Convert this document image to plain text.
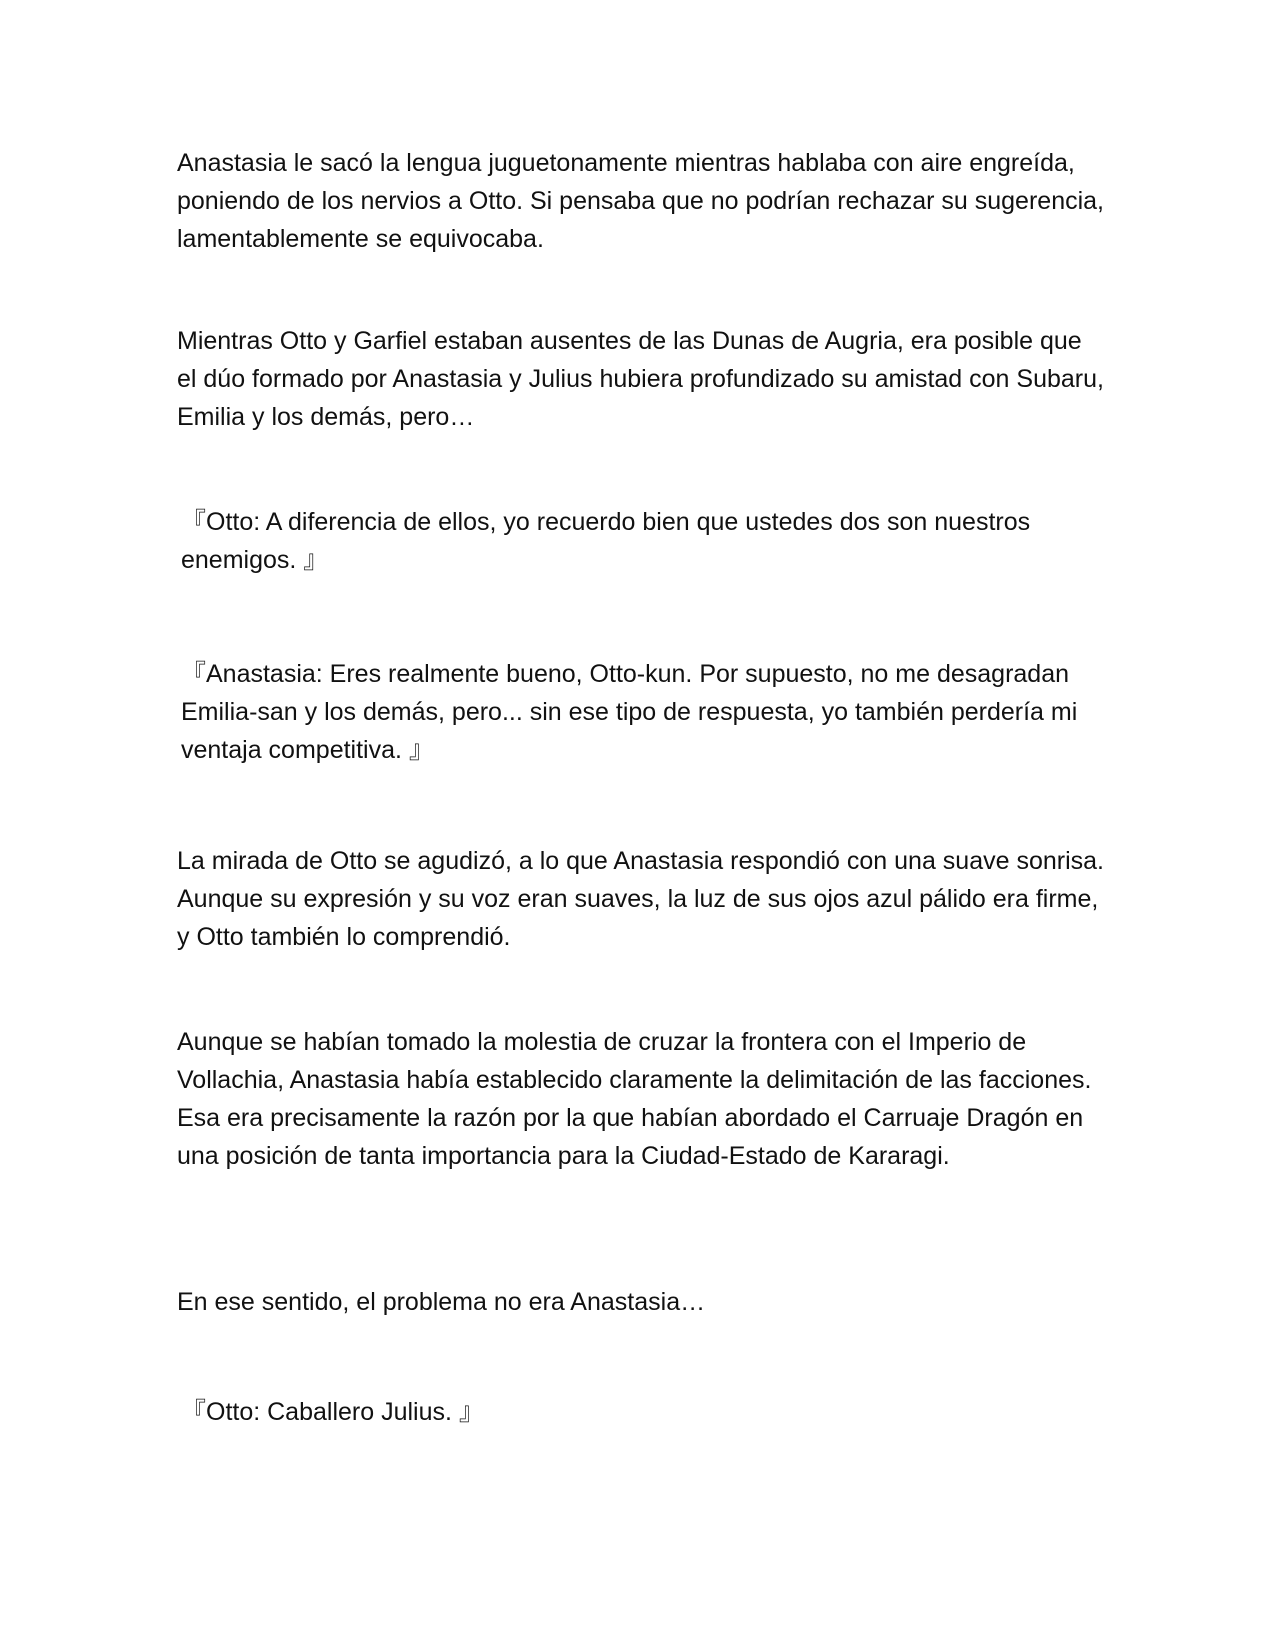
Anastasia le sacó la lengua juguetonamente mientras hablaba con aire engreída, poniendo de los nervios a Otto. Si pensaba que no podrían rechazar su sugerencia, lamentablemente se equivocaba.

Mientras Otto y Garfiel estaban ausentes de las Dunas de Augria, era posible que el dúo formado por Anastasia y Julius hubiera profundizado su amistad con Subaru, Emilia y los demás, pero…

『Otto: A diferencia de ellos, yo recuerdo bien que ustedes dos son nuestros enemigos. 』

『Anastasia: Eres realmente bueno, Otto-kun. Por supuesto, no me desagradan Emilia-san y los demás, pero... sin ese tipo de respuesta, yo también perdería mi ventaja competitiva. 』

La mirada de Otto se agudizó, a lo que Anastasia respondió con una suave sonrisa. Aunque su expresión y su voz eran suaves, la luz de sus ojos azul pálido era firme, y Otto también lo comprendió.

Aunque se habían tomado la molestia de cruzar la frontera con el Imperio de Vollachia, Anastasia había establecido claramente la delimitación de las facciones. Esa era precisamente la razón por la que habían abordado el Carruaje Dragón en una posición de tanta importancia para la Ciudad-Estado de Kararagi.

En ese sentido, el problema no era Anastasia…

『Otto: Caballero Julius. 』
